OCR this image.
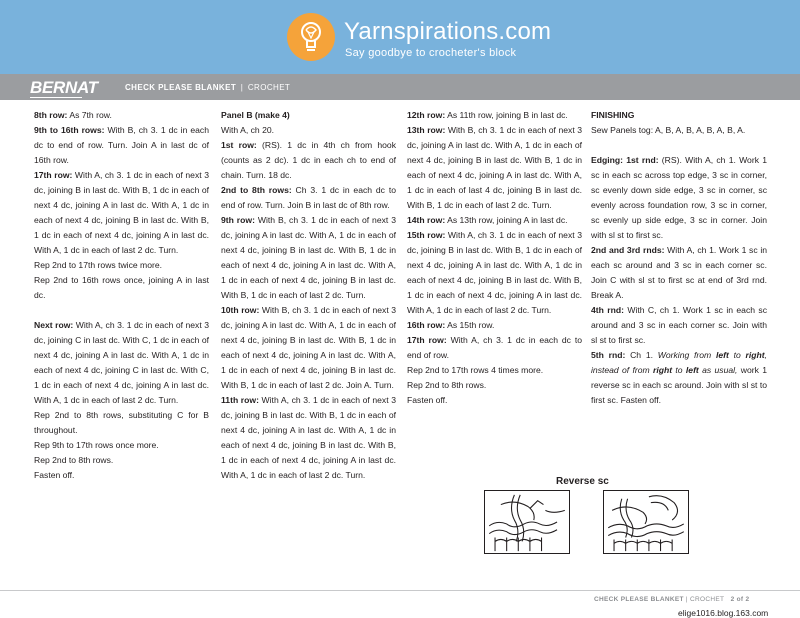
Yarnspirations.com
Say goodbye to crocheter's block
BERNAT	CHECK PLEASE BLANKET | CROCHET

8th row: As 7th row.

9th to 16th rows: With B, ch 3. 1 dc in each dc to end of row. Turn. Join A in last dc of 16th row.

17th row: With A, ch 3. 1 dc in each of next 3 dc, joining B in last dc. With B, 1 dc in each of next 4 dc, joining A in last dc. With A, 1 dc in each of next 4 dc, joining B in last dc. With B, 1 dc in each of next 4 dc, joining A in last dc. With A, 1 dc in each of last 2 dc. Turn.

Rep 2nd to 17th rows twice more.

Rep 2nd to 16th rows once, joining A in last dc.

Next row: With A, ch 3. 1 dc in each of next 3 dc, joining C in last dc. With C, 1 dc in each of next 4 dc, joining A in last dc. With A, 1 dc in each of next 4 dc, joining C in last dc. With C, 1 dc in each of next 4 dc, joining A in last dc. With A, 1 dc in each of last 2 dc. Turn.

Rep 2nd to 8th rows, substituting C for B throughout.

Rep 9th to 17th rows once more.

Rep 2nd to 8th rows.

Fasten off.

Panel B (make 4)

With A, ch 20.

1st row: (RS). 1 dc in 4th ch from hook (counts as 2 dc). 1 dc in each ch to end of chain. Turn. 18 dc.

2nd to 8th rows: Ch 3. 1 dc in each dc to end of row. Turn. Join B in last dc of 8th row.

9th row: With B, ch 3. 1 dc in each of next 3 dc, joining A in last dc. With A, 1 dc in each of next 4 dc, joining B in last dc. With B, 1 dc in each of next 4 dc, joining A in last dc. With A, 1 dc in each of next 4 dc, joining B in last dc. With B, 1 dc in each of last 2 dc. Turn.

10th row: With B, ch 3. 1 dc in each of next 3 dc, joining A in last dc. With A, 1 dc in each of next 4 dc, joining B in last dc. With B, 1 dc in each of next 4 dc, joining A in last dc. With A, 1 dc in each of next 4 dc, joining B in last dc. With B, 1 dc in each of last 2 dc. Join A. Turn.

11th row: With A, ch 3. 1 dc in each of next 3 dc, joining B in last dc. With B, 1 dc in each of next 4 dc, joining A in last dc. With A, 1 dc in each of next 4 dc, joining B in last dc. With B, 1 dc in each of next 4 dc, joining A in last dc. With A, 1 dc in each of last 2 dc. Turn.

12th row: As 11th row, joining B in last dc.

13th row: With B, ch 3. 1 dc in each of next 3 dc, joining A in last dc. With A, 1 dc in each of next 4 dc, joining B in last dc. With B, 1 dc in each of next 4 dc, joining A in last dc. With A, 1 dc in each of last 4 dc, joining B in last dc. With B, 1 dc in each of last 2 dc. Turn.

14th row: As 13th row, joining A in last dc.

15th row: With A, ch 3. 1 dc in each of next 3 dc, joining B in last dc. With B, 1 dc in each of next 4 dc, joining A in last dc. With A, 1 dc in each of next 4 dc, joining B in last dc. With B, 1 dc in each of next 4 dc, joining A in last dc. With A, 1 dc in each of last 2 dc. Turn.

16th row: As 15th row.

17th row: With A, ch 3. 1 dc in each dc to end of row.

Rep 2nd to 17th rows 4 times more.

Rep 2nd to 8th rows.

Fasten off.

FINISHING

Sew Panels tog: A, B, A, B, A, B, A, B, A.

Edging: 1st rnd: (RS). With A, ch 1. Work 1 sc in each sc across top edge, 3 sc in corner, sc evenly down side edge, 3 sc in corner, sc evenly across foundation row, 3 sc in corner, sc evenly up side edge, 3 sc in corner. Join with sl st to first sc.

2nd and 3rd rnds: With A, ch 1. Work 1 sc in each sc around and 3 sc in each corner sc. Join C with sl st to first sc at end of 3rd rnd. Break A.

4th rnd: With C, ch 1. Work 1 sc in each sc around and 3 sc in each corner sc. Join with sl st to first sc.

5th rnd: Ch 1. Working from left to right, instead of from right to left as usual, work 1 reverse sc in each sc around. Join with sl st to first sc. Fasten off.

Reverse sc
CHECK PLEASE BLANKET | CROCHET 2 of 2
elige1016.blog.163.com
